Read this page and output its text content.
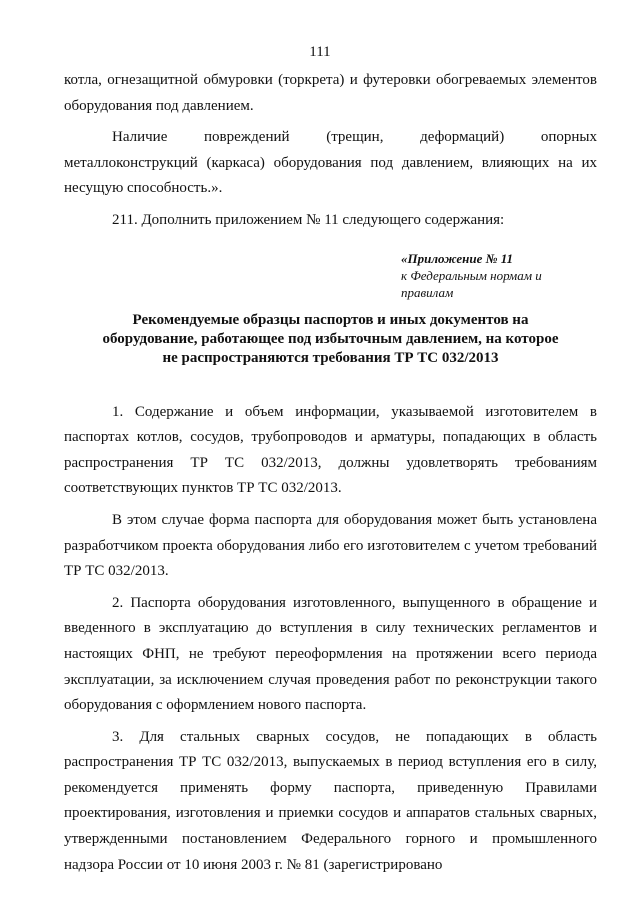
111

котла, огнезащитной обмуровки (торкрета) и футеровки обогреваемых элементов оборудования под давлением.

Наличие повреждений (трещин, деформаций) опорных металлоконструкций (каркаса) оборудования под давлением, влияющих на их несущую способность.».

211. Дополнить приложением № 11 следующего содержания:

«Приложение № 11
к Федеральным нормам и правилам
Рекомендуемые образцы паспортов и иных документов на
оборудование, работающее под избыточным давлением, на которое
не распространяются требования ТР ТС 032/2013

1. Содержание и объем информации, указываемой изготовителем в паспортах котлов, сосудов, трубопроводов и арматуры, попадающих в область распространения ТР ТС 032/2013, должны удовлетворять требованиям соответствующих пунктов ТР ТС 032/2013.

В этом случае форма паспорта для оборудования может быть установлена разработчиком проекта оборудования либо его изготовителем с учетом требований ТР ТС 032/2013.

2. Паспорта оборудования изготовленного, выпущенного в обращение и введенного в эксплуатацию до вступления в силу технических регламентов и настоящих ФНП, не требуют переоформления на протяжении всего периода эксплуатации, за исключением случая проведения работ по реконструкции такого оборудования с оформлением нового паспорта.

3. Для стальных сварных сосудов, не попадающих в область распространения ТР ТС 032/2013, выпускаемых в период вступления его в силу, рекомендуется применять форму паспорта, приведенную Правилами проектирования, изготовления и приемки сосудов и аппаратов стальных сварных, утвержденными постановлением Федерального горного и промышленного надзора России от 10 июня 2003 г. № 81 (зарегистрировано
